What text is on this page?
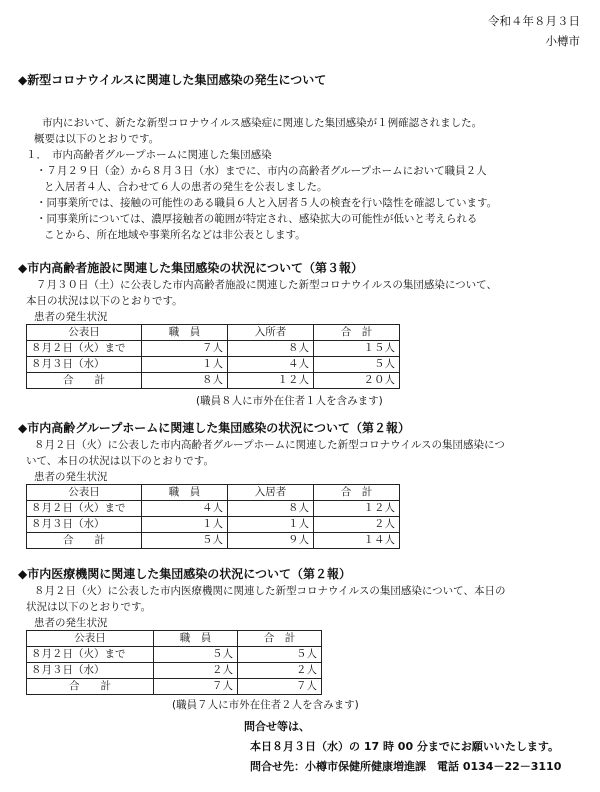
令和４年８月３日
小樽市
◆新型コロナウイルスに関連した集団感染の発生について
市内において、新たな新型コロナウイルス感染症に関連した集団感染が１例確認されました。
概要は以下のとおりです。
１． 市内高齢者グループホームに関連した集団感染
・７月２９日（金）から８月３日（水）までに、市内の高齢者グループホームにおいて職員２人
と入居者４人、合わせて６人の患者の発生を公表しました。
・同事業所では、接触の可能性のある職員６人と入居者５人の検査を行い陰性を確認しています。
・同事業所については、濃厚接触者の範囲が特定され、感染拡大の可能性が低いと考えられる
ことから、所在地域や事業所名などは非公表とします。
◆市内高齢者施設に関連した集団感染の状況について（第３報）
７月３０日（土）に公表した市内高齢者施設に関連した新型コロナウイルスの集団感染について、
本日の状況は以下のとおりです。
患者の発生状況
公表日	職　員	入所者	合　計
８月２日（火）まで	７人	８人	１５人
８月３日（水）	１人	４人	５人
合　　計	８人	１２人	２０人
(職員８人に市外在住者１人を含みます)
◆市内高齢グループホームに関連した集団感染の状況について（第２報）
８月２日（火）に公表した市内高齢者グループホームに関連した新型コロナウイルスの集団感染につ
いて、本日の状況は以下のとおりです。
患者の発生状況
公表日	職　員	入居者	合　計
８月２日（火）まで	４人	８人	１２人
８月３日（水）	１人	１人	２人
合　　計	５人	９人	１４人
◆市内医療機関に関連した集団感染の状況について（第２報）
８月２日（火）に公表した市内医療機関に関連した新型コロナウイルスの集団感染について、本日の
状況は以下のとおりです。
患者の発生状況
公表日	職　員	合　計
８月２日（火）まで	５人	５人
８月３日（水）	２人	２人
合　　計	７人	７人
(職員７人に市外在住者２人を含みます)
問合せ等は、
本日８月３日（水）の 17 時 00 分までにお願いいたします。
問合せ先：小樽市保健所健康増進課　電話 0134－22－3110
